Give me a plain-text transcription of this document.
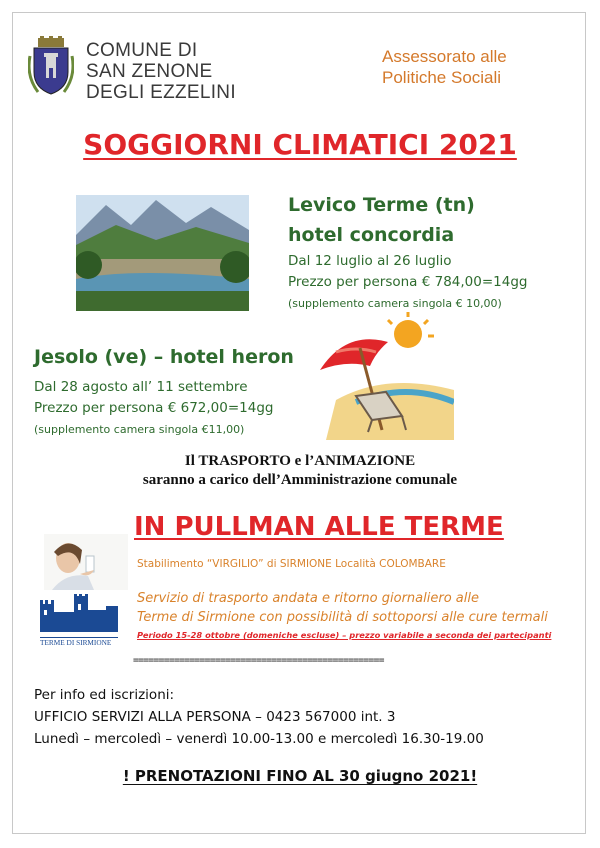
COMUNE DI
SAN ZENONE
DEGLI EZZELINI
Assessorato alle
Politiche Sociali
SOGGIORNI CLIMATICI 2021
Levico Terme (tn)
hotel concordia
Dal 12 luglio al 26 luglio
Prezzo per persona € 784,00=14gg
(supplemento camera singola € 10,00)
Jesolo (ve) – hotel heron
Dal 28 agosto all’ 11 settembre
Prezzo per persona € 672,00=14gg
(supplemento camera singola €11,00)
Il TRASPORTO e l’ANIMAZIONE
saranno a carico dell’Amministrazione comunale
IN PULLMAN ALLE TERME
Stabilimento “VIRGILIO” di SIRMIONE Località COLOMBARE
TERME DI SIRMIONE
Servizio di trasporto andata e ritorno giornaliero alle
Terme di Sirmione con possibilità di sottoporsi alle cure termali
Periodo 15-28 ottobre (domeniche escluse) – prezzo variabile a seconda dei partecipanti
=================================================
Per info ed iscrizioni:
UFFICIO SERVIZI ALLA PERSONA – 0423 567000 int. 3
Lunedì – mercoledì – venerdì 10.00-13.00 e mercoledì 16.30-19.00
! PRENOTAZIONI FINO AL 30 giugno 2021!
